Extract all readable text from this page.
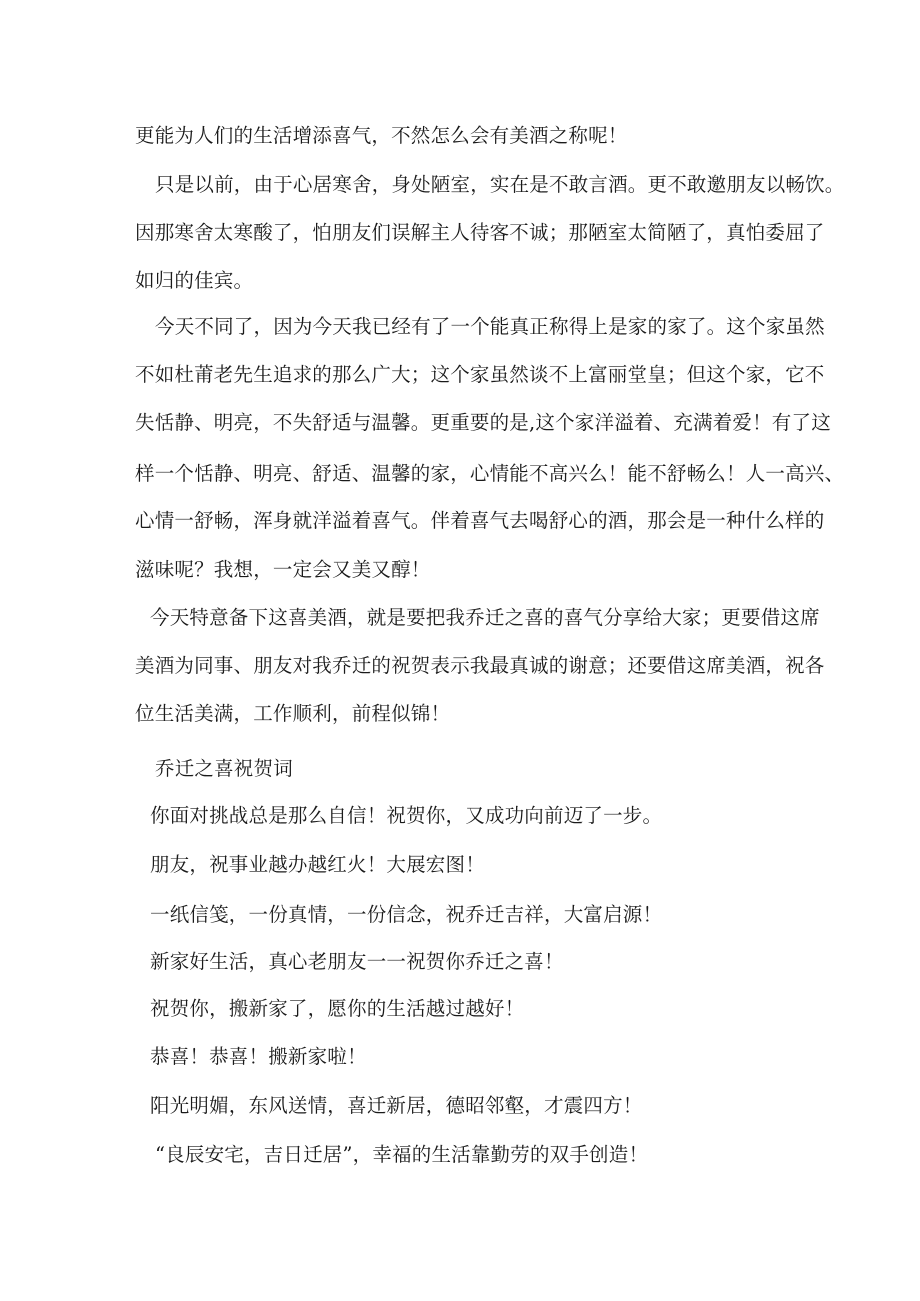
更能为人们的生活增添喜气，不然怎么会有美酒之称呢！
只是以前，由于心居寒舍，身处陋室，实在是不敢言酒。更不敢邀朋友以畅饮。
因那寒舍太寒酸了，怕朋友们误解主人待客不诚；那陋室太简陋了，真怕委屈了
如归的佳宾。
今天不同了，因为今天我已经有了一个能真正称得上是家的家了。这个家虽然
不如杜莆老先生追求的那么广大；这个家虽然谈不上富丽堂皇；但这个家，它不
失恬静、明亮，不失舒适与温馨。更重要的是,这个家洋溢着、充满着爱！有了这
样一个恬静、明亮、舒适、温馨的家，心情能不高兴么！能不舒畅么！人一高兴、
心情一舒畅，浑身就洋溢着喜气。伴着喜气去喝舒心的酒，那会是一种什么样的
滋味呢？我想，一定会又美又醇！
今天特意备下这喜美酒，就是要把我乔迁之喜的喜气分享给大家；更要借这席
美酒为同事、朋友对我乔迁的祝贺表示我最真诚的谢意；还要借这席美酒，祝各
位生活美满，工作顺利，前程似锦！
乔迁之喜祝贺词
你面对挑战总是那么自信！祝贺你，又成功向前迈了一步。
朋友，祝事业越办越红火！大展宏图！
一纸信笺，一份真情，一份信念，祝乔迁吉祥，大富启源！
新家好生活，真心老朋友一一祝贺你乔迁之喜！
祝贺你，搬新家了，愿你的生活越过越好！
恭喜！恭喜！搬新家啦！
阳光明媚，东风送情，喜迁新居，德昭邻壑，才震四方！
“良辰安宅，吉日迁居”，幸福的生活靠勤劳的双手创造！
